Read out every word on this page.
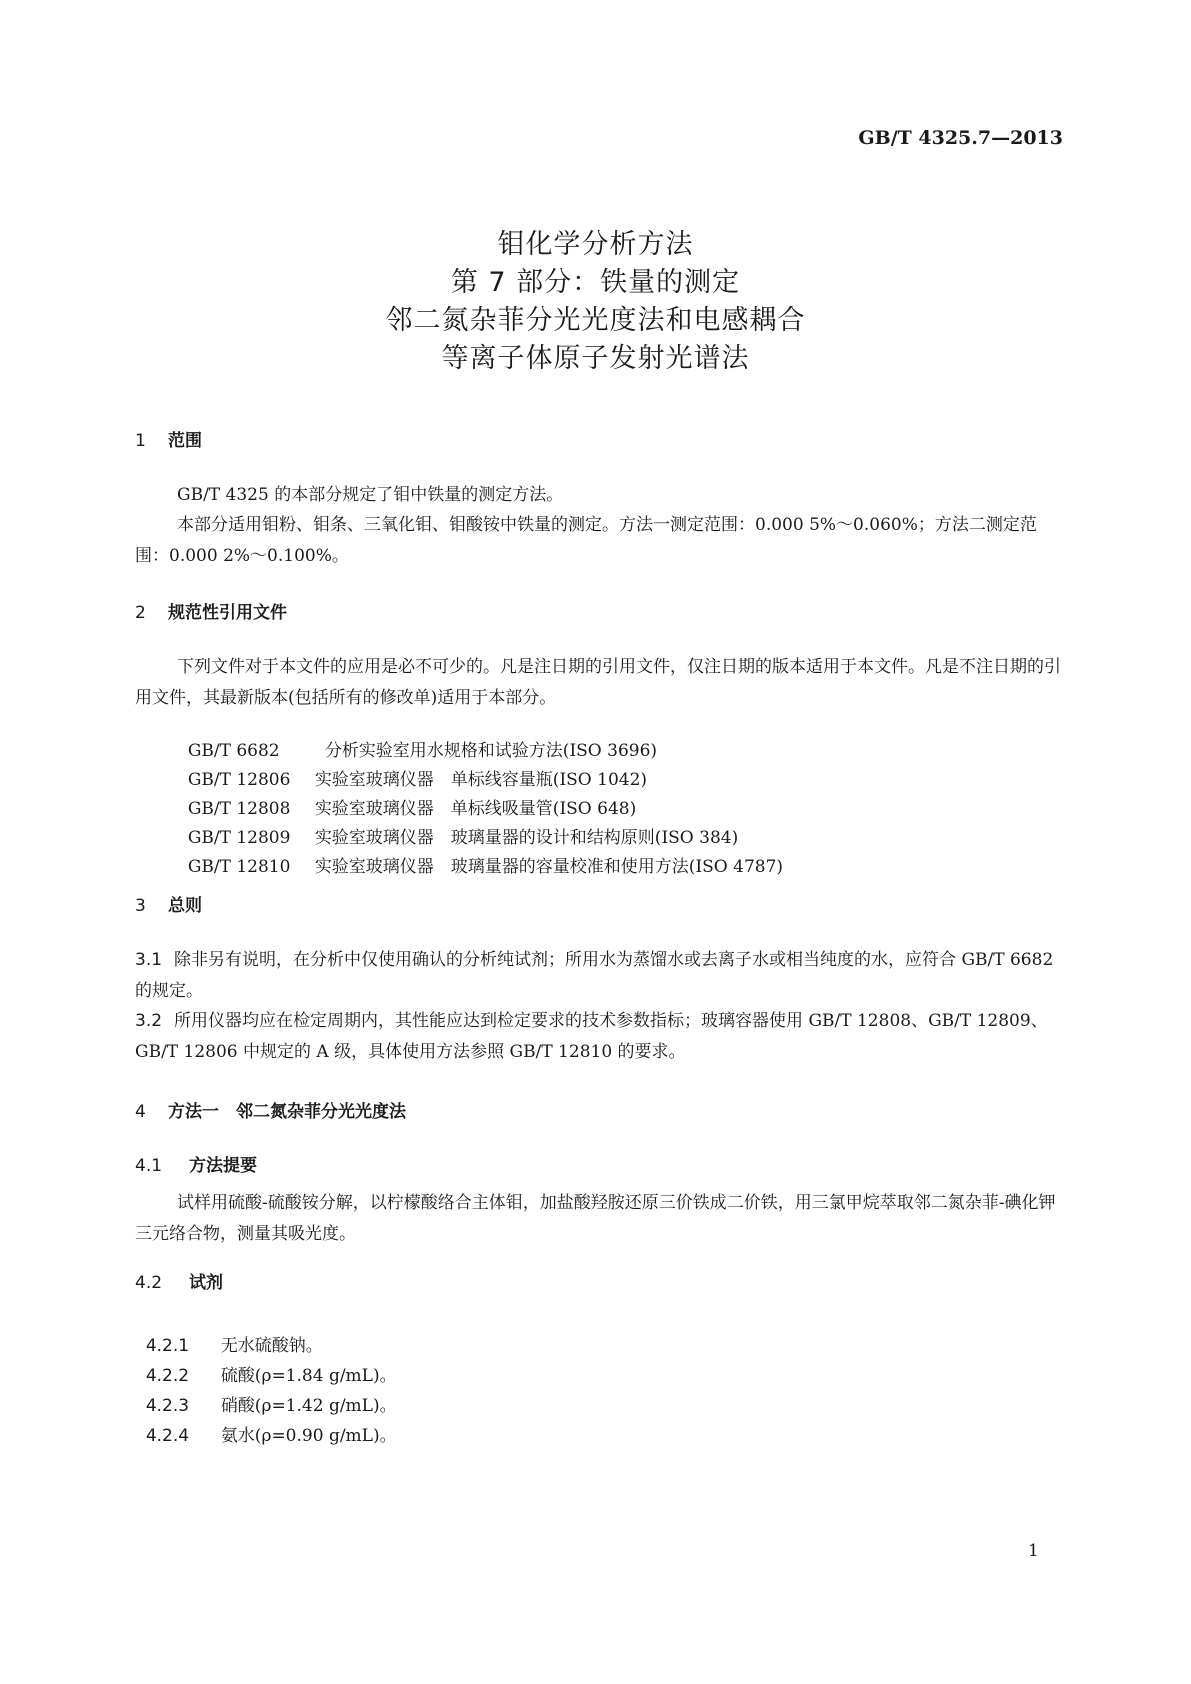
GB/T 4325.7—2013
钼化学分析方法
第 7 部分：铁量的测定
邻二氮杂菲分光光度法和电感耦合
等离子体原子发射光谱法
1 范围
GB/T 4325 的本部分规定了钼中铁量的测定方法。
本部分适用钼粉、钼条、三氧化钼、钼酸铵中铁量的测定。方法一测定范围：0.000 5%～0.060%；方法二测定范围：0.000 2%～0.100%。
2 规范性引用文件
下列文件对于本文件的应用是必不可少的。凡是注日期的引用文件，仅注日期的版本适用于本文件。凡是不注日期的引用文件，其最新版本(包括所有的修改单)适用于本部分。

GB/T 6682	分析实验室用水规格和试验方法(ISO 3696)

GB/T 12806 实验室玻璃仪器　单标线容量瓶(ISO 1042)

GB/T 12808 实验室玻璃仪器　单标线吸量管(ISO 648)

GB/T 12809 实验室玻璃仪器　玻璃量器的设计和结构原则(ISO 384)

GB/T 12810 实验室玻璃仪器　玻璃量器的容量校准和使用方法(ISO 4787)

3 总则
3.1 除非另有说明，在分析中仅使用确认的分析纯试剂；所用水为蒸馏水或去离子水或相当纯度的水，应符合 GB/T 6682 的规定。
3.2 所用仪器均应在检定周期内，其性能应达到检定要求的技术参数指标；玻璃容器使用 GB/T 12808、GB/T 12809、GB/T 12806 中规定的 A 级，具体使用方法参照 GB/T 12810 的要求。
4 方法一　邻二氮杂菲分光光度法
4.1 方法提要
试样用硫酸-硫酸铵分解，以柠檬酸络合主体钼，加盐酸羟胺还原三价铁成二价铁，用三氯甲烷萃取邻二氮杂菲-碘化钾三元络合物，测量其吸光度。
4.2 试剂

4.2.1 无水硫酸钠。

4.2.2 硫酸(ρ=1.84 g/mL)。

4.2.3 硝酸(ρ=1.42 g/mL)。

4.2.4 氨水(ρ=0.90 g/mL)。

1
